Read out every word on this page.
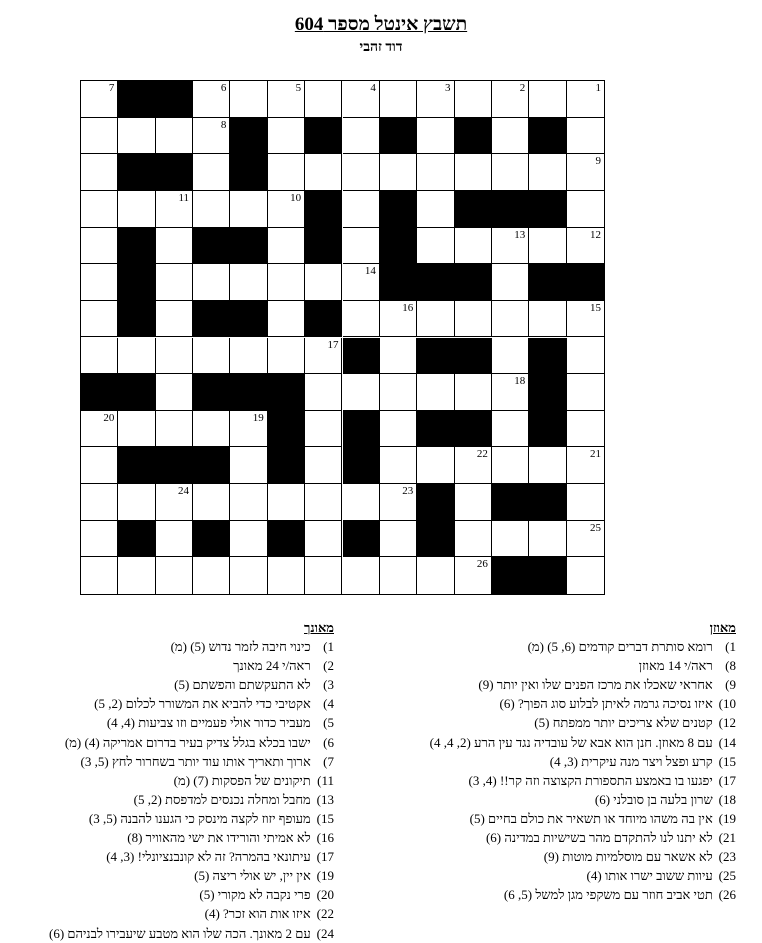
תשבץ אינטל מספר 604
דוד זהבי
7	6	5	4	3	2	1
8
9
11	10
13	12
14
16	15
17
18
20	19
22	21
24	23
25
26
מאוזן
1) רומא סותרת דברים קודמים (6, 5) (מ)
8) ראה/י 14 מאוזן
9) אחראי שאכלו את מרכז הפנים שלו ואין יותר (9)
10) איזו נסיכה גרמה לאיתן לבלוע סוג הפוך? (6)
12) קטנים שלא צריכים יותר ממפתח (5)
14) עם 8 מאוזן. חנן הוא אבא של עובדיה נגד עין הרע (2, 4, 4)
15) קרע ופצל ויצר מנה עיקרית (3, 4)
17) יפגעו בו באמצע התספורת הקצוצה וזה קר!! (4, 3)
18) שרון בלעה בן סובלני (6)
19) אין בה משהו מיוחד או תשאיר את כולם בחיים (5)
21) לא יתנו לנו להתקדם מהר בשישיות במדינה (6)
23) לא אשאר עם מוסלמיות מוטות (9)
25) עיוות ששוב ישרו אותו (4)
26) תטי אביב חוזר עם משקפי מגן למשל (5, 6)
מאונך
1) כינוי חיבה לזמר נדוש (5) (מ)
2) ראה/י 24 מאונך
3) לא התעקשתם והפשתם (5)
4) אקטיבי כדי להביא את המשורר לכלום (2, 5)
5) מעביר כדור אולי פעמיים וזו צביעות (4, 4)
6) ישבו בכלא בגלל צדיק בעיר בדרום אמריקה (4) (מ)
7) ארוך ותאריך אותו עוד יותר בשחרור לחץ (5, 3)
11) תיקונים של הפסקות (7) (מ)
13) מחבל ומחלה נכנסים למדפסת (2, 5)
15) מעופף יזוז לקצה מינסק כי הגענו להבנה (5, 3)
16) לא אמיתי והורידו את ישי מהאוויר (8)
17) עיתונאי בהמרה? זה לא קונבנציונלי! (3, 4)
19) אין יין, יש אולי ריצה (5)
20) פרי נקבה לא מקורי (5)
22) איזו אות הוא זכר? (4)
24) עם 2 מאונך. הכה שלו הוא מטבע שיעבירו לבניהם (6)
